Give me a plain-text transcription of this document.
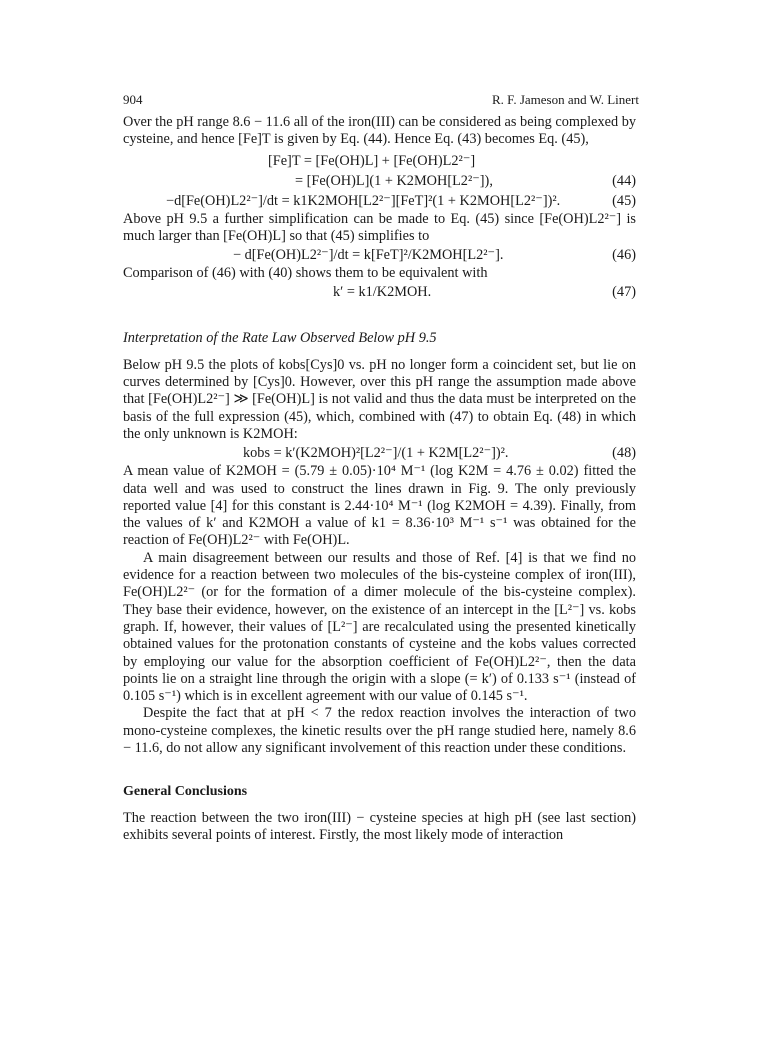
904	R. F. Jameson and W. Linert

Over the pH range 8.6 − 11.6 all of the iron(III) can be considered as being complexed by cysteine, and hence [Fe]T is given by Eq. (44). Hence Eq. (43) becomes Eq. (45),

[Fe]T = [Fe(OH)L] + [Fe(OH)L2²⁻]
= [Fe(OH)L](1 + K2MOH[L2²⁻]),	(44)
−d[Fe(OH)L2²⁻]/dt = k1K2MOH[L2²⁻][FeT]²(1 + K2MOH[L2²⁻])².	(45)

Above pH 9.5 a further simplification can be made to Eq. (45) since [Fe(OH)L2²⁻] is much larger than [Fe(OH)L] so that (45) simplifies to

− d[Fe(OH)L2²⁻]/dt = k[FeT]²/K2MOH[L2²⁻].	(46)

Comparison of (46) with (40) shows them to be equivalent with

k′ = k1/K2MOH.	(47)
Interpretation of the Rate Law Observed Below pH 9.5

Below pH 9.5 the plots of kobs[Cys]0 vs. pH no longer form a coincident set, but lie on curves determined by [Cys]0. However, over this pH range the assumption made above that [Fe(OH)L2²⁻] ≫ [Fe(OH)L] is not valid and thus the data must be interpreted on the basis of the full expression (45), which, combined with (47) to obtain Eq. (48) in which the only unknown is K2MOH:

kobs = k′(K2MOH)²[L2²⁻]/(1 + K2M[L2²⁻])².	(48)

A mean value of K2MOH = (5.79 ± 0.05)·10⁴ M⁻¹ (log K2M = 4.76 ± 0.02) fitted the data well and was used to construct the lines drawn in Fig. 9. The only previously reported value [4] for this constant is 2.44·10⁴ M⁻¹ (log K2MOH = 4.39). Finally, from the values of k′ and K2MOH a value of k1 = 8.36·10³ M⁻¹ s⁻¹ was obtained for the reaction of Fe(OH)L2²⁻ with Fe(OH)L.

A main disagreement between our results and those of Ref. [4] is that we find no evidence for a reaction between two molecules of the bis-cysteine complex of iron(III), Fe(OH)L2²⁻ (or for the formation of a dimer molecule of the bis-cysteine complex). They base their evidence, however, on the existence of an intercept in the [L²⁻] vs. kobs graph. If, however, their values of [L²⁻] are recalculated using the presented kinetically obtained values for the protonation constants of cysteine and the kobs values corrected by employing our value for the absorption coefficient of Fe(OH)L2²⁻, then the data points lie on a straight line through the origin with a slope (= k′) of 0.133 s⁻¹ (instead of 0.105 s⁻¹) which is in excellent agreement with our value of 0.145 s⁻¹.

Despite the fact that at pH < 7 the redox reaction involves the interaction of two mono-cysteine complexes, the kinetic results over the pH range studied here, namely 8.6 − 11.6, do not allow any significant involvement of this reaction under these conditions.

General Conclusions

The reaction between the two iron(III) − cysteine species at high pH (see last section) exhibits several points of interest. Firstly, the most likely mode of interaction
